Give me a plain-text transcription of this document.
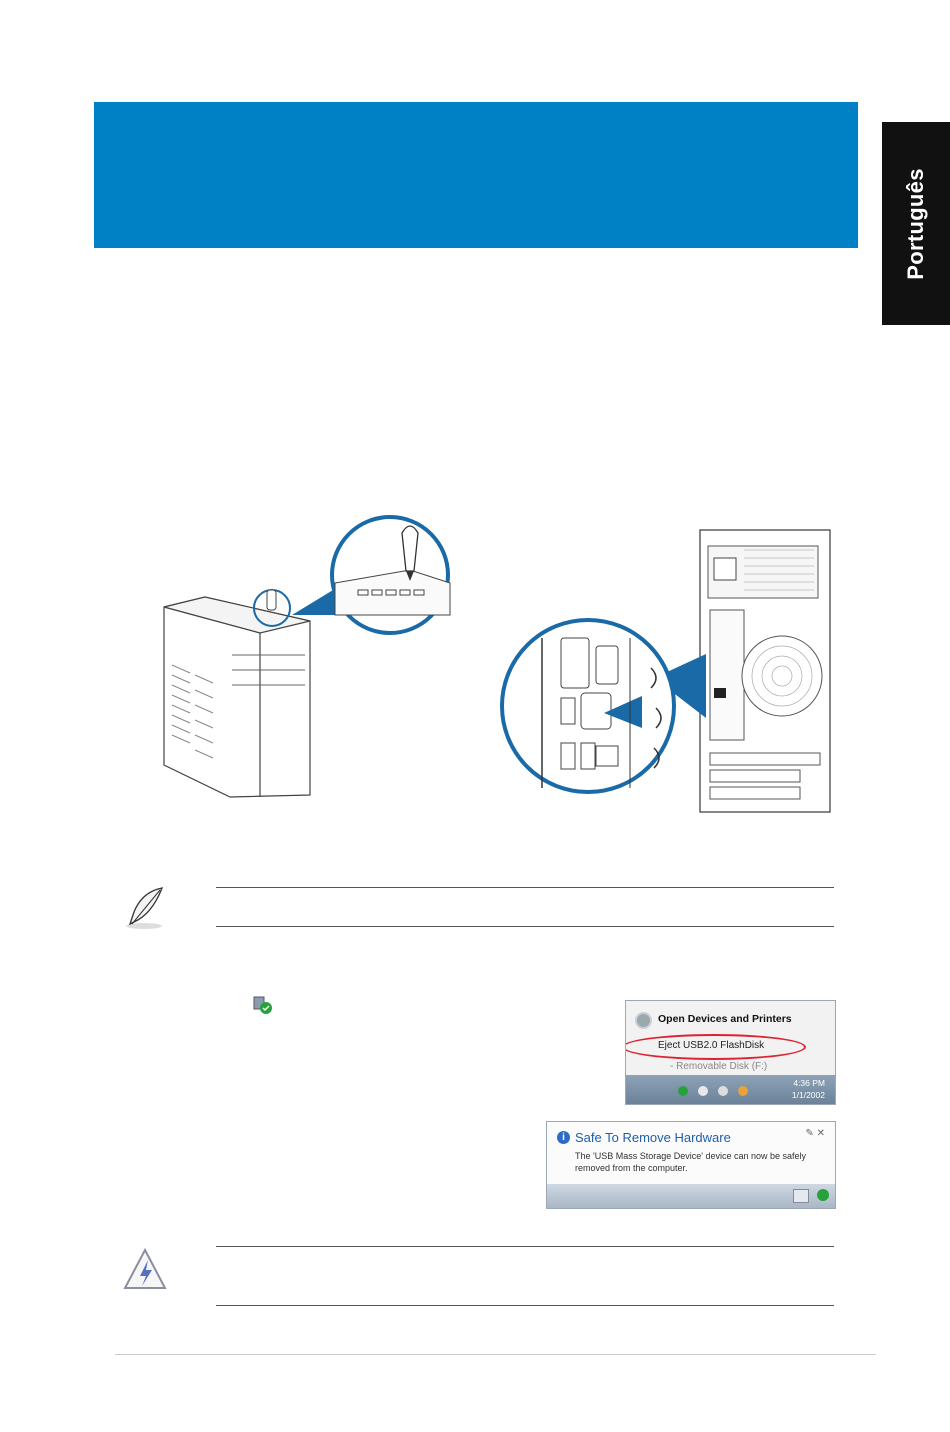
Português
Open Devices and Printers
Eject USB2.0 FlashDisk
- Removable Disk (F:)
4:36 PM
1/1/2002
i Safe To Remove Hardware	✎ ✕
The 'USB Mass Storage Device' device can now be safely
removed from the computer.
